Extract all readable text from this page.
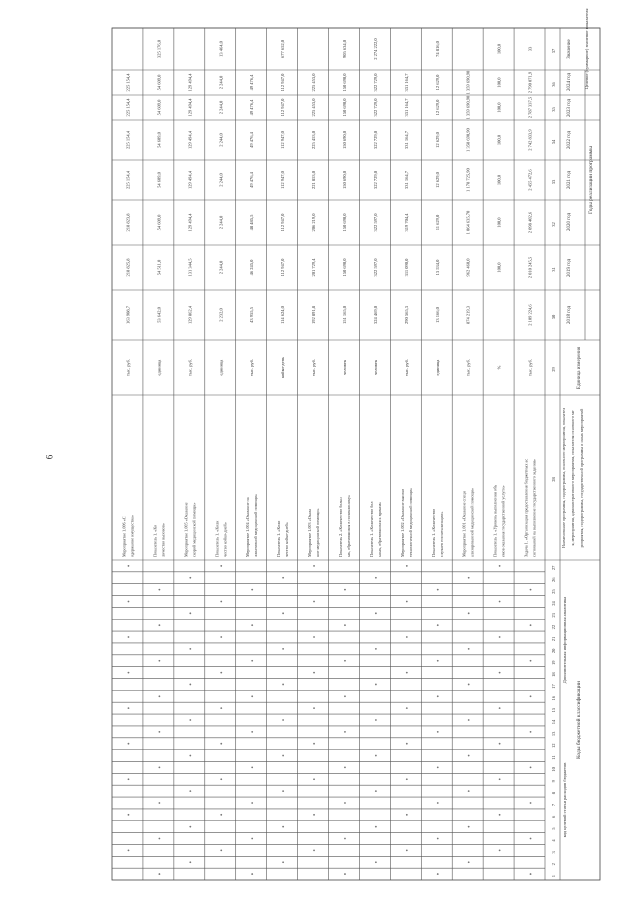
6
Коды бюджетной классификации
код целевой статьи расходов бюджетов
Дополнительная информационная аналитика
Наименование программы, подпрограммы, основного мероприятия, показател я, мероприятия, административного мероприятия, показателя основного ме роприятия, подпрограммы, государственной программы и иных мероприятий
Единица измерения
Годы реализации программы
2018 год
2019 год
2020 год
2021 год
2022 год
2023 год
2024 год	Целевое (суммарное) значение показателя
Значение
1
2
3
4
5
6
7
8
9
10
11
12
13
14
15
16
17
18
19
20
21
22
23
24
25
26
27
28
29
30
31
32
33
34
35
36
37
Задача 1. «Организация предоставления бюджетных ас сигнований на выполнение государственного задания»
тыс. руб.
2 109 224,6
2 010 245,5
2 098 402,6
2 455 472,6
2 742 833,9
2 787 337,5
2 790 071,9
33
Показатель 1. «Уровень выполнения объ емов оказания государственной услуги»
%
100,0
100,0
100,0
100,0
100,0
100,0
100,0
Мероприятие 1.001 «Оказание специ ализированной медицинской помощи»
тыс. руб.
874 219,3
962 460,0
1 064 635,70
1 178 725,90
1 358 690,90
1 359 690,90
1 359 690,90
Показатель 1. «Количество случаев госпитализации»
единица
13 166,0
13 534,0
11 629,0
12 629,0
12 629,0
12 629,0
12 629,0
74 816,0
Мероприятие 1.002 «Оказание высоко технологичной медицинской помощи»
тыс. руб.
290 565,3
311 090,0
319 704,4
331 164,7
331 164,7
331 164,7
331 164,7
Показатель 1. «Количество бол ьных, обратившихся к врачам»
человек
324 469,0
322 597,0
322 597,0
322 729,0
322 729,0
322 729,0
322 729,0
2 274 222,0
Показатель 2. «Количество больн ых, обратившихся в поликлинику»
человек
151 165,0
150 690,0
150 690,0
150 690,0
150 690,0
150 690,0
150 690,0
905 634,0
Мероприятие 1.003 «Оказа ние медицинской помощи»
тыс. руб.
192 891,8
201 729,4
206 219,0
221 853,0
225 453,0
225 453,0
225 453,0
Показатель 1. «Коли чество койко-дней»
койко-день
114 624,0
112 947,0
112 947,0
112 947,0
112 947,0
112 947,0
112 947,0
677 652,0
Мероприятие 1.004 «Оказание па ллиативной медицинской помощи»
тыс. руб.
43 955,5
46 245,0
48 485,5
49 476,4
49 476,4
49 476,4
49 476,4
Показатель 1. «Коли чество койко-дней»
единица
2 232,0
2 244,0
2 244,0
2 244,0
2 244,0
2 244,0
2 244,0
13 464,0
Мероприятие 1.005 «Оказание скорой медицинской помощи»
тыс. руб.
129 862,4
131 344,5
129 494,4
129 494,4
129 494,4
129 494,4
129 494,4
Показатель 1. «Ко личество вызовов»
единица
53 642,0
54 511,0
54 609,0
54 609,0
54 609,0
54 609,0
54 609,0
325 176,0
Мероприятие 1.006 «С одержание имущества»
тыс. руб.
163 908,7
218 825,8
218 823,8
225 154,4
225 154,4
225 154,4
225 154,4
